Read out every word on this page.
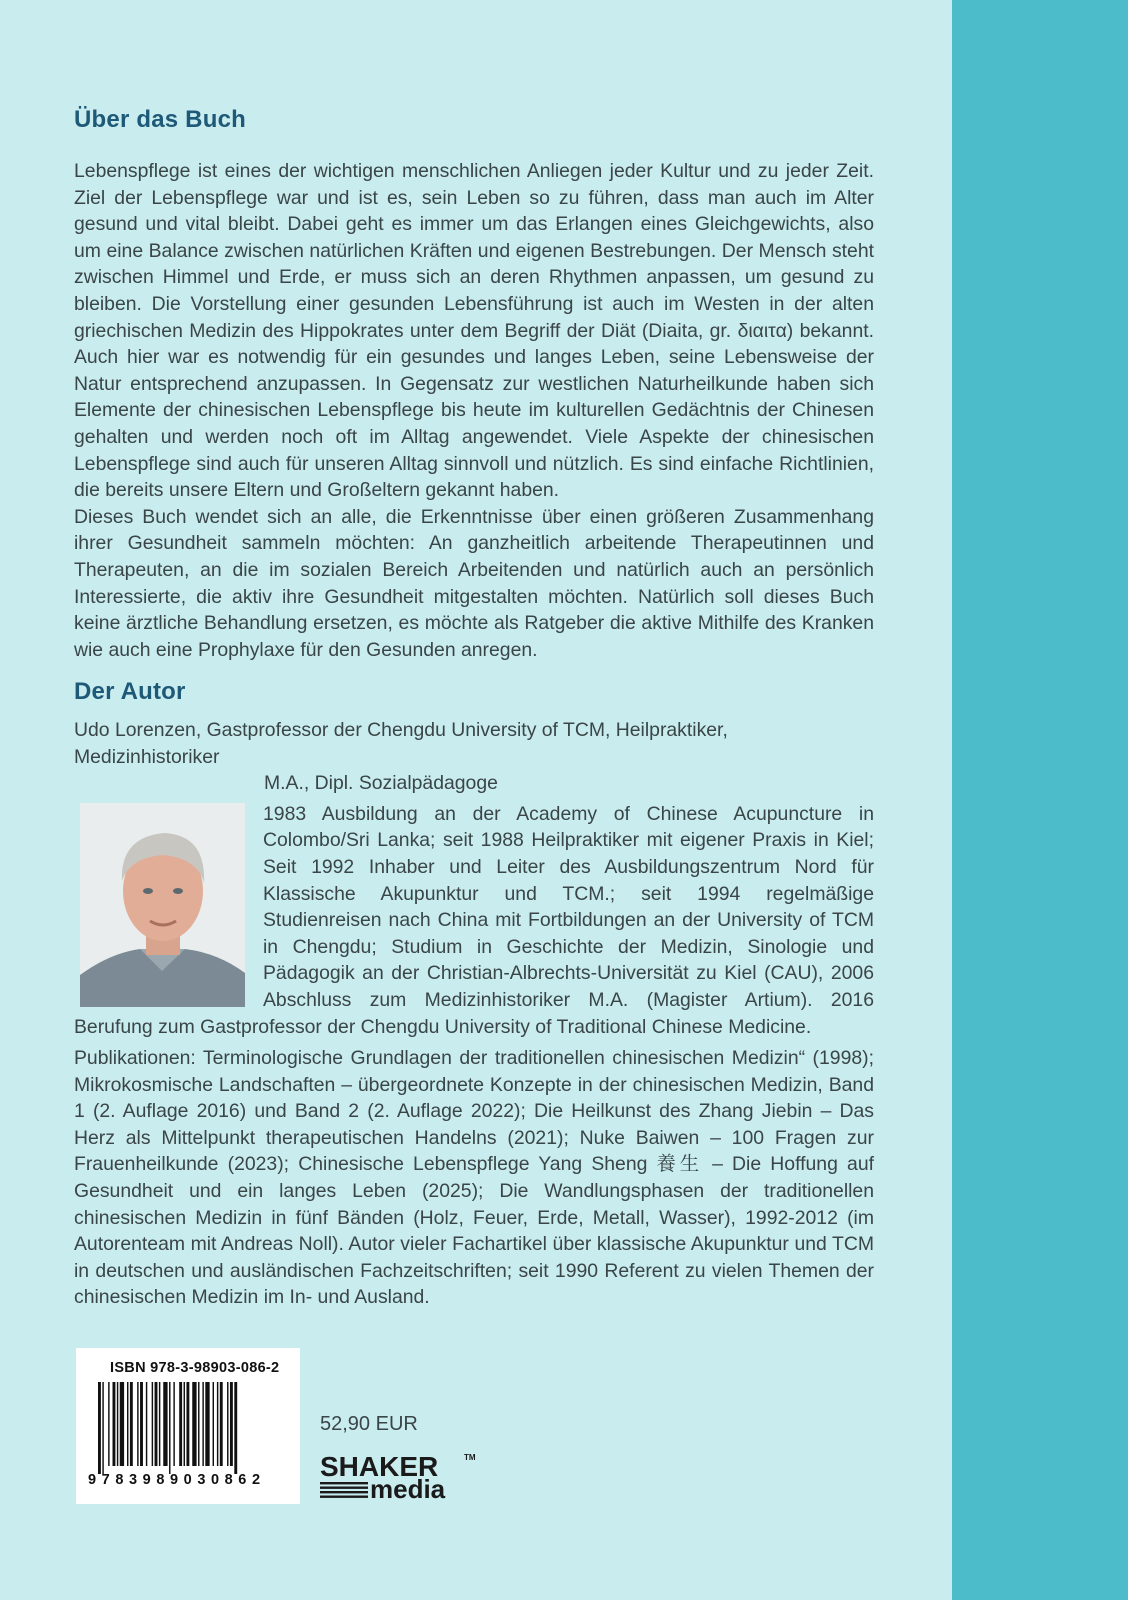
Über das Buch

Lebenspflege ist eines der wichtigen menschlichen Anliegen jeder Kultur und zu jeder Zeit. Ziel der Lebenspflege war und ist es, sein Leben so zu führen, dass man auch im Alter gesund und vital bleibt. Dabei geht es immer um das Erlangen eines Gleichgewichts, also um eine Balance zwischen natürlichen Kräften und eigenen Bestrebungen. Der Mensch steht zwischen Himmel und Erde, er muss sich an deren Rhythmen anpassen, um gesund zu bleiben. Die Vorstellung einer gesunden Lebensführung ist auch im Westen in der alten griechischen Medizin des Hippokrates unter dem Begriff der Diät (Diaita, gr. διαιτα) bekannt. Auch hier war es notwendig für ein gesundes und langes Leben, seine Lebensweise der Natur entsprechend anzupassen. In Gegensatz zur westlichen Naturheilkunde haben sich Elemente der chinesischen Lebenspflege bis heute im kulturellen Gedächtnis der Chinesen gehalten und werden noch oft im Alltag angewendet. Viele Aspekte der chinesischen Lebenspflege sind auch für unseren Alltag sinnvoll und nützlich. Es sind einfache Richtlinien, die bereits unsere Eltern und Großeltern gekannt haben.

Dieses Buch wendet sich an alle, die Erkenntnisse über einen größeren Zusammenhang ihrer Gesundheit sammeln möchten: An ganzheitlich arbeitende Therapeutinnen und Therapeuten, an die im sozialen Bereich Arbeitenden und natürlich auch an persönlich Interessierte, die aktiv ihre Gesundheit mitgestalten möchten. Natürlich soll dieses Buch keine ärztliche Behandlung ersetzen, es möchte als Ratgeber die aktive Mithilfe des Kranken wie auch eine Prophylaxe für den Gesunden anregen.

Der Autor

Udo Lorenzen, Gastprofessor der Chengdu University of TCM, Heilpraktiker, Medizinhistoriker
M.A., Dipl. Sozialpädagoge

1983 Ausbildung an der Academy of Chinese Acupuncture in Colombo/Sri Lanka; seit 1988 Heilpraktiker mit eigener Praxis in Kiel; Seit 1992 Inhaber und Leiter des Ausbildungszentrum Nord für Klassische Akupunktur und TCM.; seit 1994 regelmäßige Studienreisen nach China mit Fortbildungen an der University of TCM in Chengdu; Studium in Geschichte der Medizin, Sinologie und Pädagogik an der Christian-Albrechts-Universität zu Kiel (CAU), 2006 Abschluss zum Medizinhistoriker M.A. (Magister Artium). 2016 Berufung zum Gastprofessor der Chengdu University of Traditional Chinese Medicine.

Publikationen: Terminologische Grundlagen der traditionellen chinesischen Medizin“ (1998); Mikrokosmische Landschaften – übergeordnete Konzepte in der chinesischen Medizin, Band 1 (2. Auflage 2016) und Band 2 (2. Auflage 2022); Die Heilkunst des Zhang Jiebin – Das Herz als Mittelpunkt therapeutischen Handelns (2021); Nuke Baiwen – 100 Fragen zur Frauenheilkunde (2023); Chinesische Lebenspflege Yang Sheng 養生 – Die Hoffung auf Gesundheit und ein langes Leben (2025); Die Wandlungsphasen der traditionellen chinesischen Medizin in fünf Bänden (Holz, Feuer, Erde, Metall, Wasser), 1992-2012 (im Autorenteam mit Andreas Noll). Autor vieler Fachartikel über klassische Akupunktur und TCM in deutschen und ausländischen Fachzeitschriften; seit 1990 Referent zu vielen Themen der chinesischen Medizin im In- und Ausland.

ISBN 978-3-98903-086-2
9783989030862
52,90 EUR
SHAKER	TM
media
